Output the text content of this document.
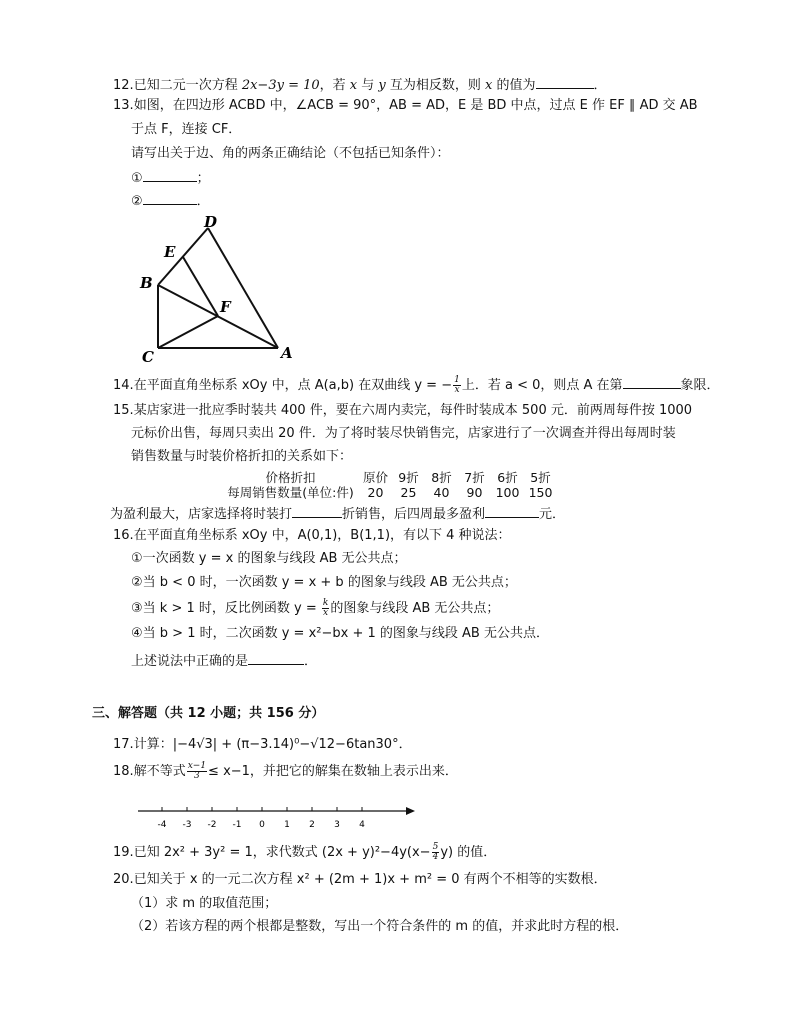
12.已知二元一次方程 2x−3y = 10，若 x 与 y 互为相反数，则 x 的值为	．
13.如图，在四边形 ACBD 中，∠ACB = 90°，AB = AD，E 是 BD 中点，过点 E 作 EF ∥ AD 交 AB
于点 F，连接 CF．
请写出关于边、角的两条正确结论（不包括已知条件）：
①	；
②	．
D
E
B
F
C	A
14.在平面直角坐标系 xOy 中，点 A(a,b) 在双曲线 y = − $\frac{1}{x}$ 上．若 a < 0，则点 A 在第	象限．
15.某店家进一批应季时装共 400 件，要在六周内卖完，每件时装成本 500 元．前两周每件按 1000
元标价出售，每周只卖出 20 件．为了将时装尽快销售完，店家进行了一次调查并得出每周时装
销售数量与时装价格折扣的关系如下：
价格折扣	原价 9折	8折	7折	6折	5折
每周销售数量(单位:件)	20	25	40	90	100 150
为盈利最大，店家选择将时装打	折销售，后四周最多盈利	元．
16.在平面直角坐标系 xOy 中，A(0,1)，B(1,1)，有以下 4 种说法：
①一次函数 y = x 的图象与线段 AB 无公共点；
②当 b < 0 时，一次函数 y = x + b 的图象与线段 AB 无公共点；
③当 k > 1 时，反比例函数 $y = \frac{k}{x}$ 的图象与线段 AB 无公共点；
④当 b > 1 时，二次函数 y = x²−bx + 1 的图象与线段 AB 无公共点．
上述说法中正确的是	．
三、解答题（共 12 小题；共 156 分）
17.计算：|−4√3| + (π−3.14)⁰−√12−6tan30°．
18.解不等式 $\frac{x-1}{3} \le x-1$，并把它的解集在数轴上表示出来．
-4 -3 -2 -1 0 1 2 3 4
19.已知 2x² + 3y² = 1，求代数式 $(2x + y)^2-4y(x- \frac{5}{4} y)$ 的值．
20.已知关于 x 的一元二次方程 x² + (2m + 1)x + m² = 0 有两个不相等的实数根．
（1）求 m 的取值范围；
（2）若该方程的两个根都是整数，写出一个符合条件的 m 的值，并求此时方程的根．
